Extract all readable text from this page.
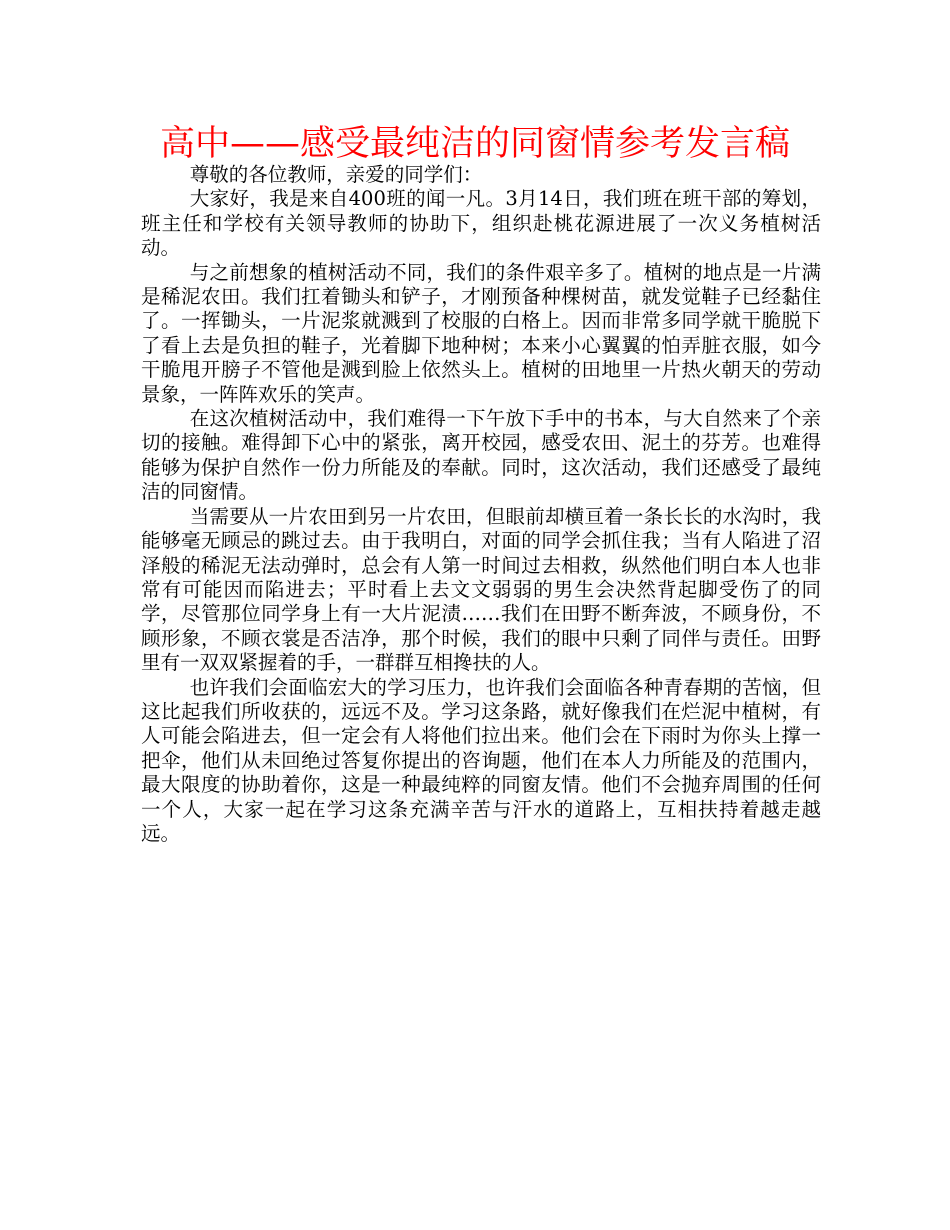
高中——感受最纯洁的同窗情参考发言稿

尊敬的各位教师，亲爱的同学们：

大家好，我是来自400班的闻一凡。3月14日，我们班在班干部的筹划，班主任和学校有关领导教师的协助下，组织赴桃花源进展了一次义务植树活动。

与之前想象的植树活动不同，我们的条件艰辛多了。植树的地点是一片满是稀泥农田。我们扛着锄头和铲子，才刚预备种棵树苗，就发觉鞋子已经黏住了。一挥锄头，一片泥浆就溅到了校服的白格上。因而非常多同学就干脆脱下了看上去是负担的鞋子，光着脚下地种树；本来小心翼翼的怕弄脏衣服，如今干脆甩开膀子不管他是溅到脸上依然头上。植树的田地里一片热火朝天的劳动景象，一阵阵欢乐的笑声。

在这次植树活动中，我们难得一下午放下手中的书本，与大自然来了个亲切的接触。难得卸下心中的紧张，离开校园，感受农田、泥土的芬芳。也难得能够为保护自然作一份力所能及的奉献。同时，这次活动，我们还感受了最纯洁的同窗情。

当需要从一片农田到另一片农田，但眼前却横亘着一条长长的水沟时，我能够毫无顾忌的跳过去。由于我明白，对面的同学会抓住我；当有人陷进了沼泽般的稀泥无法动弹时，总会有人第一时间过去相救，纵然他们明白本人也非常有可能因而陷进去；平时看上去文文弱弱的男生会决然背起脚受伤了的同学，尽管那位同学身上有一大片泥渍……我们在田野不断奔波，不顾身份，不顾形象，不顾衣裳是否洁净，那个时候，我们的眼中只剩了同伴与责任。田野里有一双双紧握着的手，一群群互相搀扶的人。

也许我们会面临宏大的学习压力，也许我们会面临各种青春期的苦恼，但这比起我们所收获的，远远不及。学习这条路，就好像我们在烂泥中植树，有人可能会陷进去，但一定会有人将他们拉出来。他们会在下雨时为你头上撑一把伞，他们从未回绝过答复你提出的咨询题，他们在本人力所能及的范围内，最大限度的协助着你，这是一种最纯粹的同窗友情。他们不会抛弃周围的任何一个人，大家一起在学习这条充满辛苦与汗水的道路上，互相扶持着越走越远。
